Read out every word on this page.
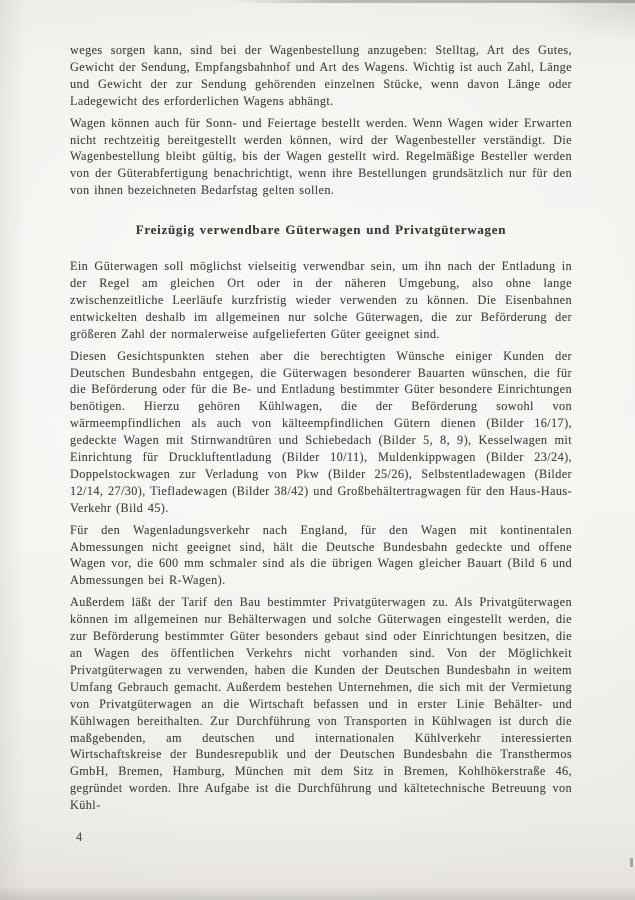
weges sorgen kann, sind bei der Wagenbestellung anzugeben: Stelltag, Art des Gutes, Gewicht der Sendung, Empfangsbahnhof und Art des Wagens. Wichtig ist auch Zahl, Länge und Gewicht der zur Sendung gehörenden einzelnen Stücke, wenn davon Länge oder Ladegewicht des erforderlichen Wagens abhängt.

Wagen können auch für Sonn- und Feiertage bestellt werden. Wenn Wagen wider Erwarten nicht rechtzeitig bereitgestellt werden können, wird der Wagenbesteller verständigt. Die Wagenbestellung bleibt gültig, bis der Wagen gestellt wird. Regelmäßige Besteller werden von der Güterabfertigung benachrichtigt, wenn ihre Bestellungen grundsätzlich nur für den von ihnen bezeichneten Bedarfstag gelten sollen.

Freizügig verwendbare Güterwagen und Privatgüterwagen

Ein Güterwagen soll möglichst vielseitig verwendbar sein, um ihn nach der Entladung in der Regel am gleichen Ort oder in der näheren Umgebung, also ohne lange zwischenzeitliche Leerläufe kurzfristig wieder verwenden zu können. Die Eisenbahnen entwickelten deshalb im allgemeinen nur solche Güterwagen, die zur Beförderung der größeren Zahl der normalerweise aufgelieferten Güter geeignet sind.

Diesen Gesichtspunkten stehen aber die berechtigten Wünsche einiger Kunden der Deutschen Bundesbahn entgegen, die Güterwagen besonderer Bauarten wünschen, die für die Beförderung oder für die Be- und Entladung bestimmter Güter besondere Einrichtungen benötigen. Hierzu gehören Kühlwagen, die der Beförderung sowohl von wärmeempfindlichen als auch von kälteempfindlichen Gütern dienen (Bilder 16/17), gedeckte Wagen mit Stirnwandtüren und Schiebedach (Bilder 5, 8, 9), Kesselwagen mit Einrichtung für Druckluftentladung (Bilder 10/11), Muldenkippwagen (Bilder 23/24), Doppelstockwagen zur Verladung von Pkw (Bilder 25/26), Selbstentladewagen (Bilder 12/14, 27/30), Tiefladewagen (Bilder 38/42) und Großbehältertragwagen für den Haus-Haus-Verkehr (Bild 45).

Für den Wagenladungsverkehr nach England, für den Wagen mit kontinentalen Abmessungen nicht geeignet sind, hält die Deutsche Bundesbahn gedeckte und offene Wagen vor, die 600 mm schmaler sind als die übrigen Wagen gleicher Bauart (Bild 6 und Abmessungen bei R-Wagen).

Außerdem läßt der Tarif den Bau bestimmter Privatgüterwagen zu. Als Privatgüterwagen können im allgemeinen nur Behälterwagen und solche Güterwagen eingestellt werden, die zur Beförderung bestimmter Güter besonders gebaut sind oder Einrichtungen besitzen, die an Wagen des öffentlichen Verkehrs nicht vorhanden sind. Von der Möglichkeit Privatgüterwagen zu verwenden, haben die Kunden der Deutschen Bundesbahn in weitem Umfang Gebrauch gemacht. Außerdem bestehen Unternehmen, die sich mit der Vermietung von Privatgüterwagen an die Wirtschaft befassen und in erster Linie Behälter- und Kühlwagen bereithalten. Zur Durchführung von Transporten in Kühlwagen ist durch die maßgebenden, am deutschen und internationalen Kühlverkehr interessierten Wirtschaftskreise der Bundesrepublik und der Deutschen Bundesbahn die Transthermos GmbH, Bremen, Hamburg, München mit dem Sitz in Bremen, Kohlhökerstraße 46, gegründet worden. Ihre Aufgabe ist die Durchführung und kältetechnische Betreuung von Kühl-

4
